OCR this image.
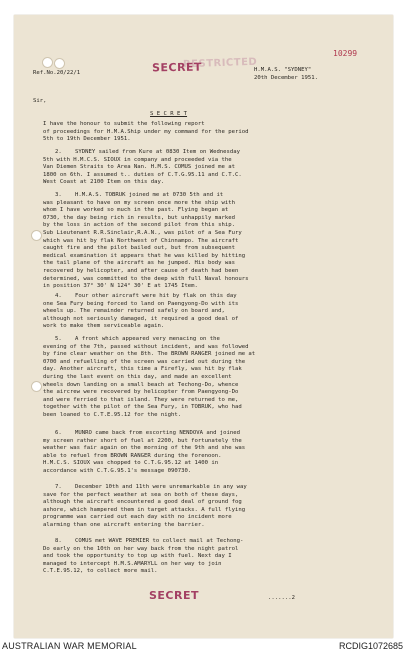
10299
RESTRICTED
SECRET
Ref.No.20/22/1	H.M.A.S. "SYDNEY"
20th December 1951.
Sir,
S E C R E T
I have the honour to submit the following report
of proceedings for H.M.A.Ship under my command for the period
5th to 19th December 1951.
2.	SYDNEY sailed from Kure at 0830 Item on Wednesday
5th with H.M.C.S. SIOUX in company and proceeded via the
Van Diemen Straits to Area Nan. H.M.S. COMUS joined me at
1800 on 6th. I assumed t.. duties of C.T.G.95.11 and C.T.C.
West Coast at 2100 Item on this day.
3.	H.M.A.S. TOBRUK joined me at 0730 5th and it
was pleasant to have on my screen once more the ship with
whom I have worked so much in the past. Flying began at
0730, the day being rich in results, but unhappily marked
by the loss in action of the second pilot from this ship.
Sub Lieutenant R.R.Sinclair,R.A.N., was pilot of a Sea Fury
which was hit by flak Northwest of Chinnampo. The aircraft
caught fire and the pilot bailed out, but from subsequent
medical examination it appears that he was killed by hitting
the tail plane of the aircraft as he jumped. His body was
recovered by helicopter, and after cause of death had been
determined, was committed to the deep with full Naval honours
in position 37° 30' N 124° 30' E at 1745 Item.
4.	Four other aircraft were hit by flak on this day
one Sea Fury being forced to land on Paengyong-Do with its
wheels up. The remainder returned safely on board and,
although not seriously damaged, it required a good deal of
work to make them serviceable again.
5.	A front which appeared very menacing on the
evening of the 7th, passed without incident, and was followed
by fine clear weather on the 8th. The BROWN RANGER joined me at
0700 and refuelling of the screen was carried out during the
day. Another aircraft, this time a Firefly, was hit by flak
during the last event on this day, and made an excellent
wheels down landing on a small beach at Techong-Do, whence
the aircrew were recovered by helicopter from Paengyong-Do
and were ferried to that island. They were returned to me,
together with the pilot of the Sea Fury, in TOBRUK, who had
been loaned to C.T.E.95.12 for the night.
6.	MUNRO came back from escorting NENDOVA and joined
my screen rather short of fuel at 2200, but fortunately the
weather was fair again on the morning of the 9th and she was
able to refuel from BROWN RANGER during the forenoon.
H.M.C.S. SIOUX was chopped to C.T.G.95.12 at 1400 in
accordance with C.T.G.95.1's message 090730.
7.	December 10th and 11th were unremarkable in any way
save for the perfect weather at sea on both of these days,
although the aircraft encountered a good deal of ground fog
ashore, which hampered them in target attacks. A full flying
programme was carried out each day with no incident more
alarming than one aircraft entering the barrier.
8.	COMUS met WAVE PREMIER to collect mail at Techong-
Do early on the 10th on her way back from the night patrol
and took the opportunity to top up with fuel. Next day I
managed to intercept H.M.S.AMARYLL on her way to join
C.T.E.95.12, to collect more mail.
SECRET	.......2
AUSTRALIAN WAR MEMORIAL	RCDIG1072685
